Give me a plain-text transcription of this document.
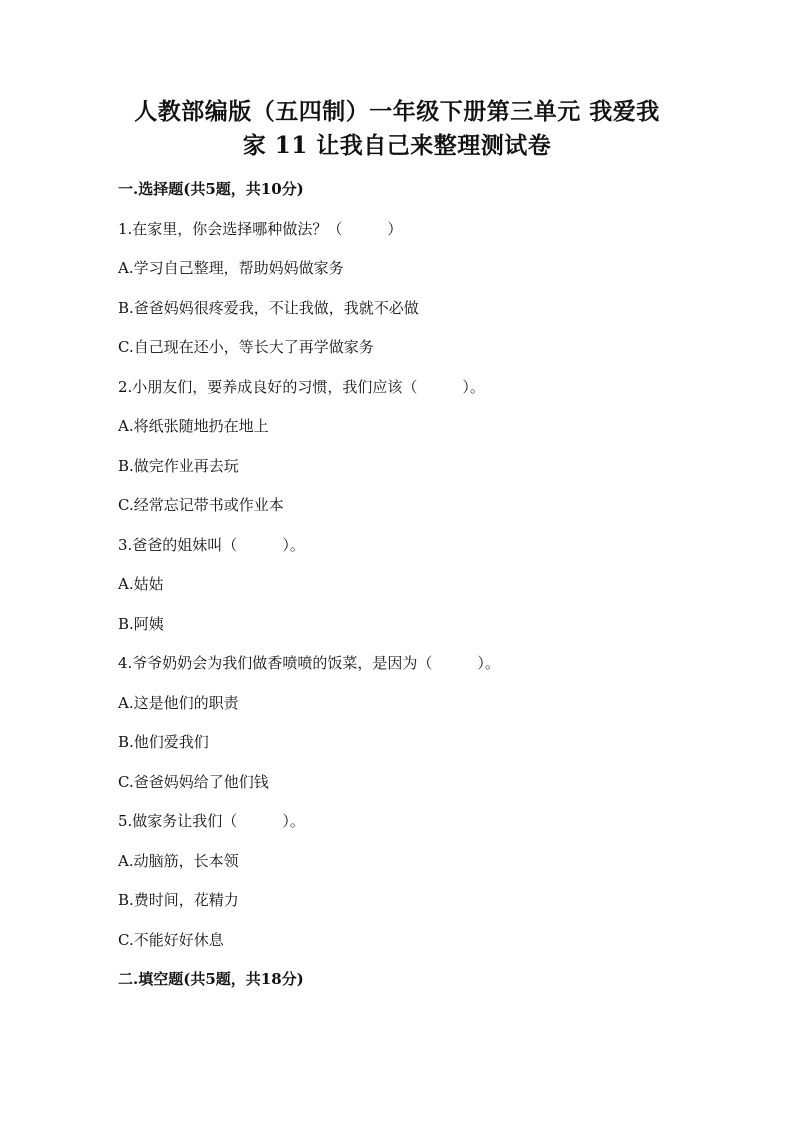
人教部编版（五四制）一年级下册第三单元 我爱我
家 11 让我自己来整理测试卷
一.选择题(共5题，共10分)
1.在家里，你会选择哪种做法？（　　　）
A.学习自己整理，帮助妈妈做家务
B.爸爸妈妈很疼爱我，不让我做，我就不必做
C.自己现在还小，等长大了再学做家务
2.小朋友们，要养成良好的习惯，我们应该（　　　）。
A.将纸张随地扔在地上
B.做完作业再去玩
C.经常忘记带书或作业本
3.爸爸的姐妹叫（　　　）。
A.姑姑
B.阿姨
4.爷爷奶奶会为我们做香喷喷的饭菜，是因为（　　　）。
A.这是他们的职责
B.他们爱我们
C.爸爸妈妈给了他们钱
5.做家务让我们（　　　）。
A.动脑筋，长本领
B.费时间，花精力
C.不能好好休息
二.填空题(共5题，共18分)
